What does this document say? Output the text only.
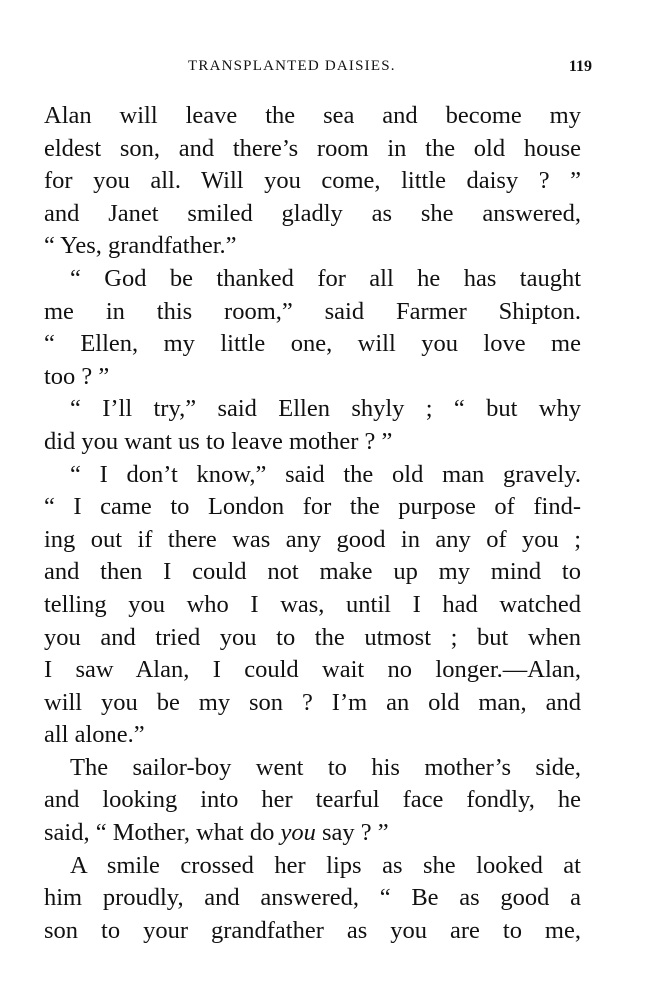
TRANSPLANTED DAISIES.	119
Alan will leave the sea and become my
eldest son, and there’s room in the old house
for you all. Will you come, little daisy ? ”
and Janet smiled gladly as she answered,
“ Yes, grandfather.”
“ God be thanked for all he has taught
me in this room,” said Farmer Shipton.
“ Ellen, my little one, will you love me
too ? ”
“ I’ll try,” said Ellen shyly ; “ but why
did you want us to leave mother ? ”
“ I don’t know,” said the old man gravely.
“ I came to London for the purpose of find-
ing out if there was any good in any of you ;
and then I could not make up my mind to
telling you who I was, until I had watched
you and tried you to the utmost ; but when
I saw Alan, I could wait no longer.—Alan,
will you be my son ? I’m an old man, and
all alone.”
The sailor-boy went to his mother’s side,
and looking into her tearful face fondly, he
said, “ Mother, what do you say ? ”
A smile crossed her lips as she looked at
him proudly, and answered, “ Be as good a
son to your grandfather as you are to me,
